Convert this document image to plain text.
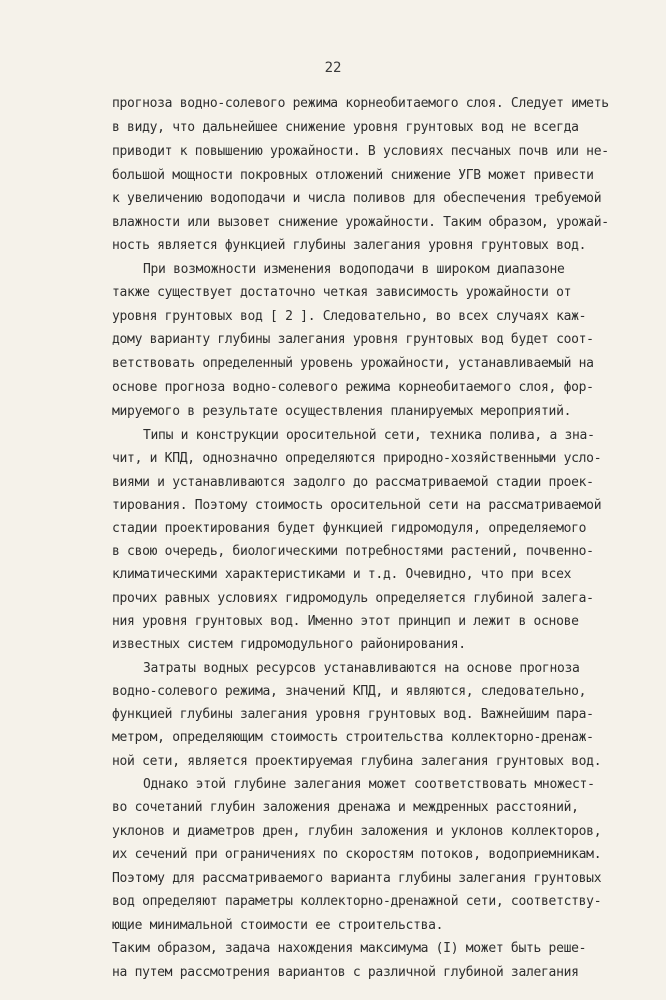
22
прогноза водно-солевого режима корнеобитаемого слоя. Следует иметь
в виду, что дальнейшее снижение уровня грунтовых вод не всегда
приводит к повышению урожайности. В условиях песчаных почв или не-
большой мощности покровных отложений снижение УГВ может привести
к увеличению водоподачи и числа поливов для обеспечения требуемой
влажности или вызовет снижение урожайности. Таким образом, урожай-
ность является функцией глубины залегания уровня грунтовых вод.
При возможности изменения водоподачи в широком диапазоне
также существует достаточно четкая зависимость урожайности от
уровня грунтовых вод [ 2 ]. Следовательно, во всех случаях каж-
дому варианту глубины залегания уровня грунтовых вод будет соот-
ветствовать определенный уровень урожайности, устанавливаемый на
основе прогноза водно-солевого режима корнеобитаемого слоя, фор-
мируемого в результате осуществления планируемых мероприятий.
Типы и конструкции оросительной сети, техника полива, а зна-
чит, и КПД, однозначно определяются природно-хозяйственными усло-
виями и устанавливаются задолго до рассматриваемой стадии проек-
тирования. Поэтому стоимость оросительной сети на рассматриваемой
стадии проектирования будет функцией гидромодуля, определяемого
в свою очередь, биологическими потребностями растений, почвенно-
климатическими характеристиками и т.д. Очевидно, что при всех
прочих равных условиях гидромодуль определяется глубиной залега-
ния уровня грунтовых вод. Именно этот принцип и лежит в основе
известных систем гидромодульного районирования.
Затраты водных ресурсов устанавливаются на основе прогноза
водно-солевого режима, значений КПД, и являются, следовательно,
функцией глубины залегания уровня грунтовых вод. Важнейшим пара-
метром, определяющим стоимость строительства коллекторно-дренаж-
ной сети, является проектируемая глубина залегания грунтовых вод.
Однако этой глубине залегания может соответствовать множест-
во сочетаний глубин заложения дренажа и междренных расстояний,
уклонов и диаметров дрен, глубин заложения и уклонов коллекторов,
их сечений при ограничениях по скоростям потоков, водоприемникам.
Поэтому для рассматриваемого варианта глубины залегания грунтовых
вод определяют параметры коллекторно-дренажной сети, соответству-
ющие минимальной стоимости ее строительства.
Таким образом, задача нахождения максимума (I) может быть реше-
на путем рассмотрения вариантов с различной глубиной залегания
